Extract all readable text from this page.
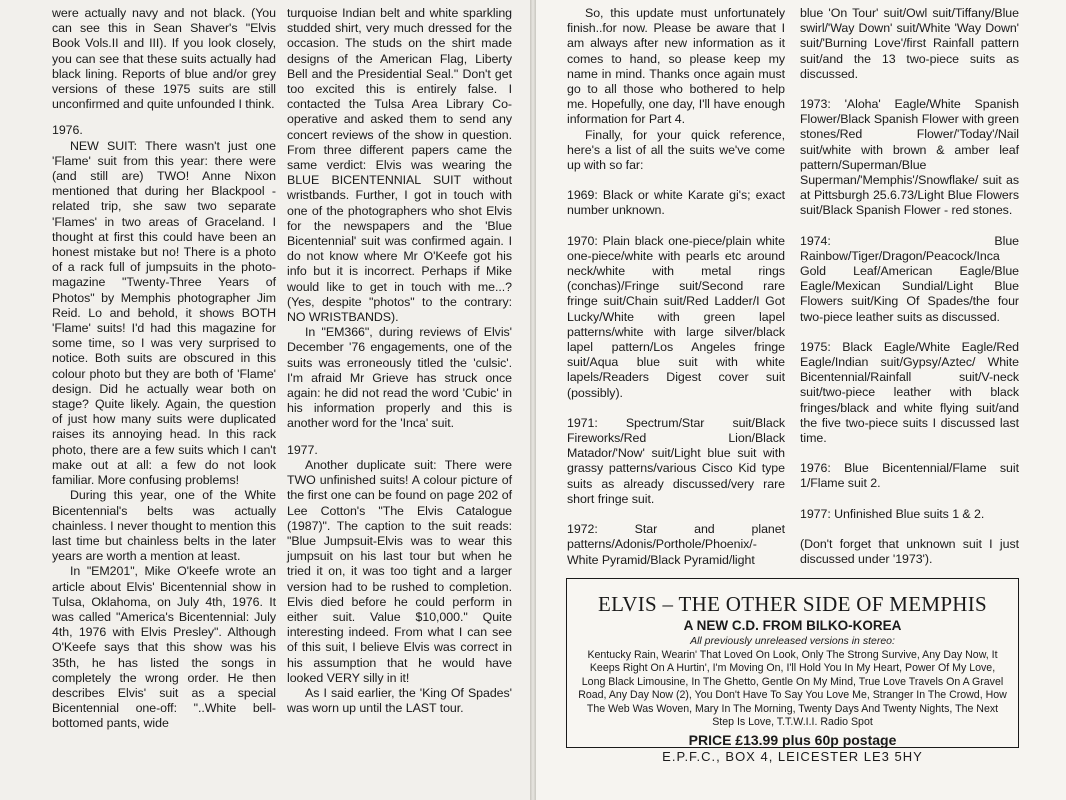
were actually navy and not black. (You can see this in Sean Shaver's "Elvis Book Vols.II and III). If you look closely, you can see that these suits actually had black lining. Reports of blue and/or grey versions of these 1975 suits are still unconfirmed and quite unfounded I think.

1976.

NEW SUIT: There wasn't just one 'Flame' suit from this year: there were (and still are) TWO! Anne Nixon mentioned that during her Blackpool - related trip, she saw two separate 'Flames' in two areas of Graceland. I thought at first this could have been an honest mistake but no! There is a photo of a rack full of jumpsuits in the photo-magazine "Twenty-Three Years of Photos" by Memphis photographer Jim Reid. Lo and behold, it shows BOTH 'Flame' suits! I'd had this magazine for some time, so I was very surprised to notice. Both suits are obscured in this colour photo but they are both of 'Flame' design. Did he actually wear both on stage? Quite likely. Again, the question of just how many suits were duplicated raises its annoying head. In this rack photo, there are a few suits which I can't make out at all: a few do not look familiar. More confusing problems!

During this year, one of the White Bicentennial's belts was actually chainless. I never thought to mention this last time but chainless belts in the later years are worth a mention at least.

In "EM201", Mike O'keefe wrote an article about Elvis' Bicentennial show in Tulsa, Oklahoma, on July 4th, 1976. It was called "America's Bicentennial: July 4th, 1976 with Elvis Presley". Although O'Keefe says that this show was his 35th, he has listed the songs in completely the wrong order. He then describes Elvis' suit as a special Bicentennial one-off: "..White bell-bottomed pants, wide

turquoise Indian belt and white sparkling studded shirt, very much dressed for the occasion. The studs on the shirt made designs of the American Flag, Liberty Bell and the Presidential Seal." Don't get too excited this is entirely false. I contacted the Tulsa Area Library Co-operative and asked them to send any concert reviews of the show in question. From three different papers came the same verdict: Elvis was wearing the BLUE BICENTENNIAL SUIT without wristbands. Further, I got in touch with one of the photographers who shot Elvis for the newspapers and the 'Blue Bicentennial' suit was confirmed again. I do not know where Mr O'Keefe got his info but it is incorrect. Perhaps if Mike would like to get in touch with me...? (Yes, despite "photos" to the contrary: NO WRISTBANDS).

In "EM366", during reviews of Elvis' December '76 engagements, one of the suits was erroneously titled the 'culsic'. I'm afraid Mr Grieve has struck once again: he did not read the word 'Cubic' in his information properly and this is another word for the 'Inca' suit.

1977.

Another duplicate suit: There were TWO unfinished suits! A colour picture of the first one can be found on page 202 of Lee Cotton's "The Elvis Catalogue (1987)". The caption to the suit reads: "Blue Jumpsuit-Elvis was to wear this jumpsuit on his last tour but when he tried it on, it was too tight and a larger version had to be rushed to completion. Elvis died before he could perform in either suit. Value $10,000." Quite interesting indeed. From what I can see of this suit, I believe Elvis was correct in his assumption that he would have looked VERY silly in it!

As I said earlier, the 'King Of Spades' was worn up until the LAST tour.

So, this update must unfortunately finish..for now. Please be aware that I am always after new information as it comes to hand, so please keep my name in mind. Thanks once again must go to all those who bothered to help me. Hopefully, one day, I'll have enough information for Part 4.

Finally, for your quick reference, here's a list of all the suits we've come up with so far:

1969: Black or white Karate gi's; exact number unknown.

1970: Plain black one-piece/plain white one-piece/white with pearls etc around neck/white with metal rings (conchas)/Fringe suit/Second rare fringe suit/Chain suit/Red Ladder/I Got Lucky/White with green lapel patterns/white with large silver/black lapel pattern/Los Angeles fringe suit/Aqua blue suit with white lapels/Readers Digest cover suit (possibly).

1971: Spectrum/Star suit/Black Fireworks/Red Lion/Black Matador/'Now' suit/Light blue suit with grassy patterns/various Cisco Kid type suits as already discussed/very rare short fringe suit.

1972: Star and planet patterns/Adonis/Porthole/Phoenix/-White Pyramid/Black Pyramid/light

blue 'On Tour' suit/Owl suit/Tiffany/Blue swirl/'Way Down' suit/White 'Way Down' suit/'Burning Love'/first Rainfall pattern suit/and the 13 two-piece suits as discussed.

1973: 'Aloha' Eagle/White Spanish Flower/Black Spanish Flower with green stones/Red Flower/'Today'/Nail suit/white with brown & amber leaf pattern/Superman/Blue Superman/'Memphis'/Snowflake/ suit as at Pittsburgh 25.6.73/Light Blue Flowers suit/Black Spanish Flower - red stones.

1974: Blue Rainbow/Tiger/Dragon/Peacock/Inca Gold Leaf/American Eagle/Blue Eagle/Mexican Sundial/Light Blue Flowers suit/King Of Spades/the four two-piece leather suits as discussed.

1975: Black Eagle/White Eagle/Red Eagle/Indian suit/Gypsy/Aztec/ White Bicentennial/Rainfall suit/V-neck suit/two-piece leather with black fringes/black and white flying suit/and the five two-piece suits I discussed last time.

1976: Blue Bicentennial/Flame suit 1/Flame suit 2.

1977: Unfinished Blue suits 1 & 2.

(Don't forget that unknown suit I just discussed under '1973').

ELVIS – THE OTHER SIDE OF MEMPHIS
A NEW C.D. FROM BILKO-KOREA
All previously unreleased versions in stereo:
Kentucky Rain, Wearin' That Loved On Look, Only The Strong Survive, Any Day Now, It Keeps Right On A Hurtin', I'm Moving On, I'll Hold You In My Heart, Power Of My Love, Long Black Limousine, In The Ghetto, Gentle On My Mind, True Love Travels On A Gravel Road, Any Day Now (2), You Don't Have To Say You Love Me, Stranger In The Crowd, How The Web Was Woven, Mary In The Morning, Twenty Days And Twenty Nights, The Next Step Is Love, T.T.W.I.I. Radio Spot
PRICE £13.99 plus 60p postage
E.P.F.C., BOX 4, LEICESTER LE3 5HY
